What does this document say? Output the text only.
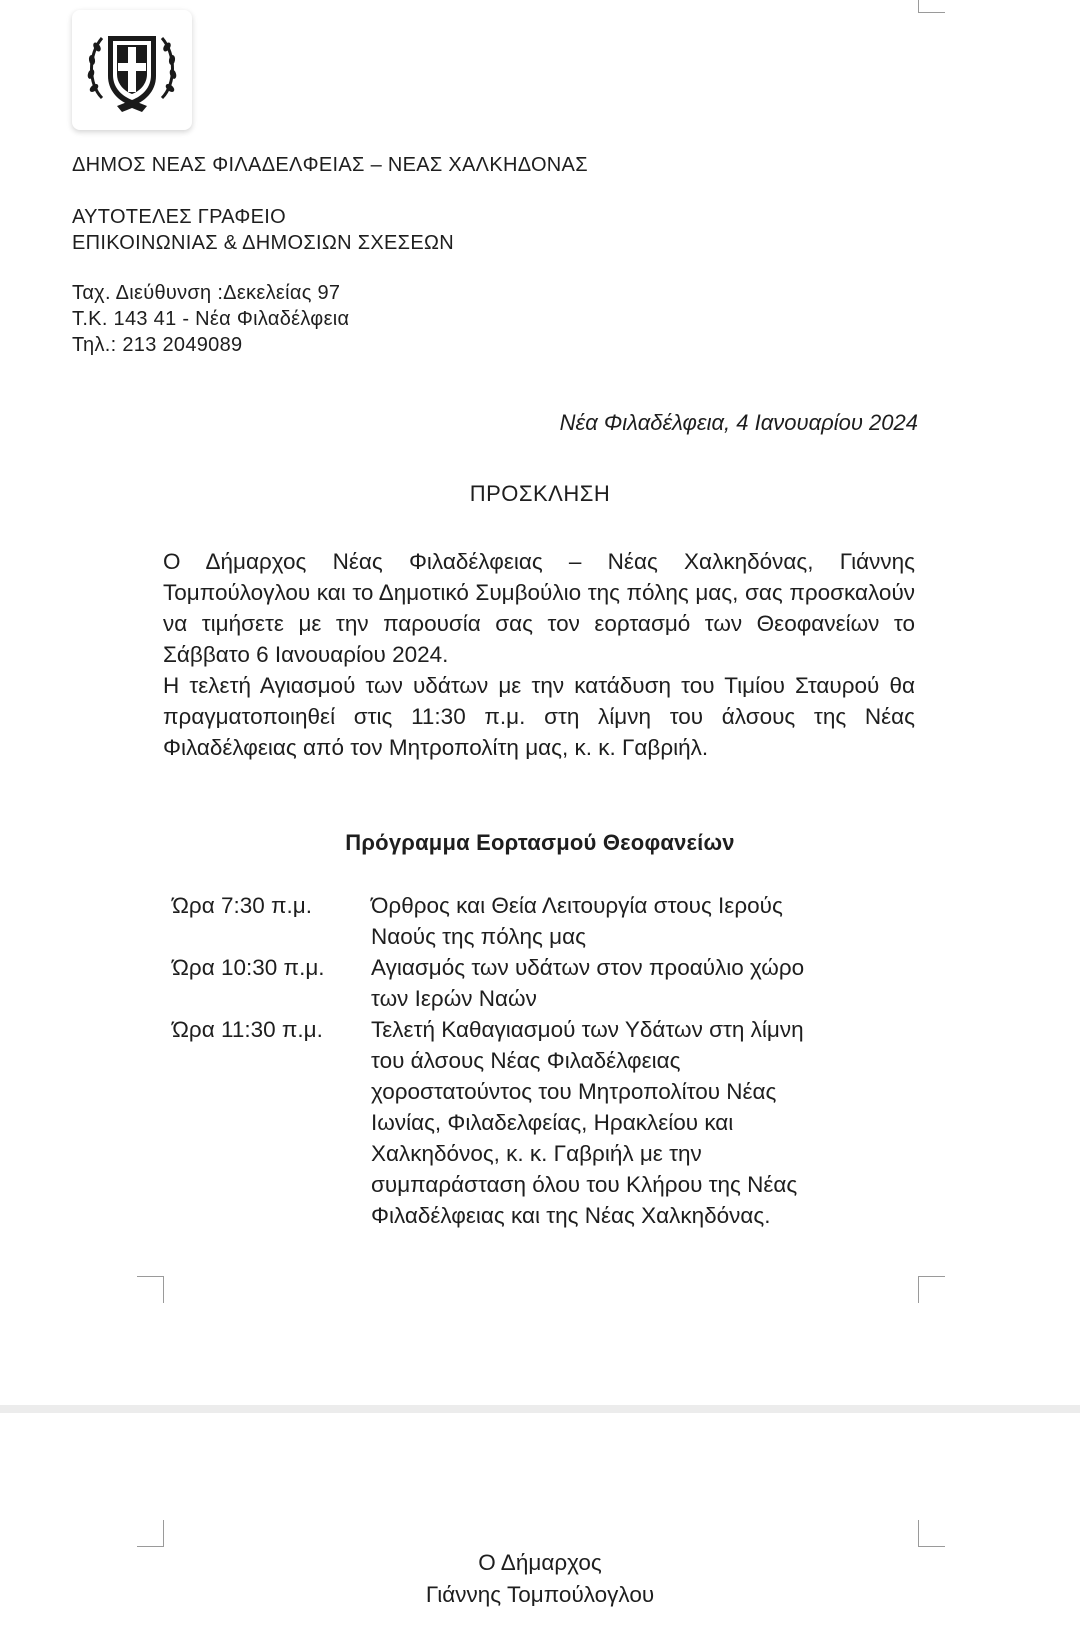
ΔΗΜΟΣ ΝΕΑΣ ΦΙΛΑΔΕΛΦΕΙΑΣ – ΝΕΑΣ ΧΑΛΚΗΔΟΝΑΣ
ΑΥΤΟΤΕΛΕΣ ΓΡΑΦΕΙΟ
ΕΠΙΚΟΙΝΩΝΙΑΣ & ΔΗΜΟΣΙΩΝ ΣΧΕΣΕΩΝ
Ταχ. Διεύθυνση :Δεκελείας 97
Τ.Κ. 143 41 - Νέα Φιλαδέλφεια
Τηλ.: 213 2049089
Νέα Φιλαδέλφεια, 4 Ιανουαρίου 2024
ΠΡΟΣΚΛΗΣΗ

Ο Δήμαρχος Νέας Φιλαδέλφειας – Νέας Χαλκηδόνας, Γιάννης Τομπούλογλου και το Δημοτικό Συμβούλιο της πόλης μας, σας προσκαλούν να τιμήσετε με την παρουσία σας τον εορτασμό των Θεοφανείων το Σάββατο 6 Ιανουαρίου 2024.

Η τελετή Αγιασμού των υδάτων με την κατάδυση του Τιμίου Σταυρού θα πραγματοποιηθεί στις 11:30 π.μ. στη λίμνη του άλσους της Νέας Φιλαδέλφειας από τον Μητροπολίτη μας, κ. κ. Γαβριήλ.

Πρόγραμμα Εορτασμού Θεοφανείων
Ώρα 7:30 π.μ.	Όρθρος και Θεία Λειτουργία στους Ιερούς
Ναούς της πόλης μας
Ώρα 10:30 π.μ.	Αγιασμός των υδάτων στον προαύλιο χώρο
των Ιερών Ναών
Ώρα 11:30 π.μ.	Τελετή Καθαγιασμού των Υδάτων στη λίμνη
του άλσους Νέας Φιλαδέλφειας
χοροστατούντος του Μητροπολίτου Νέας
Ιωνίας, Φιλαδελφείας, Ηρακλείου και
Χαλκηδόνος, κ. κ. Γαβριήλ με την
συμπαράσταση όλου του Κλήρου της Νέας
Φιλαδέλφειας και της Νέας Χαλκηδόνας.
Ο Δήμαρχος
Γιάννης Τομπούλογλου
